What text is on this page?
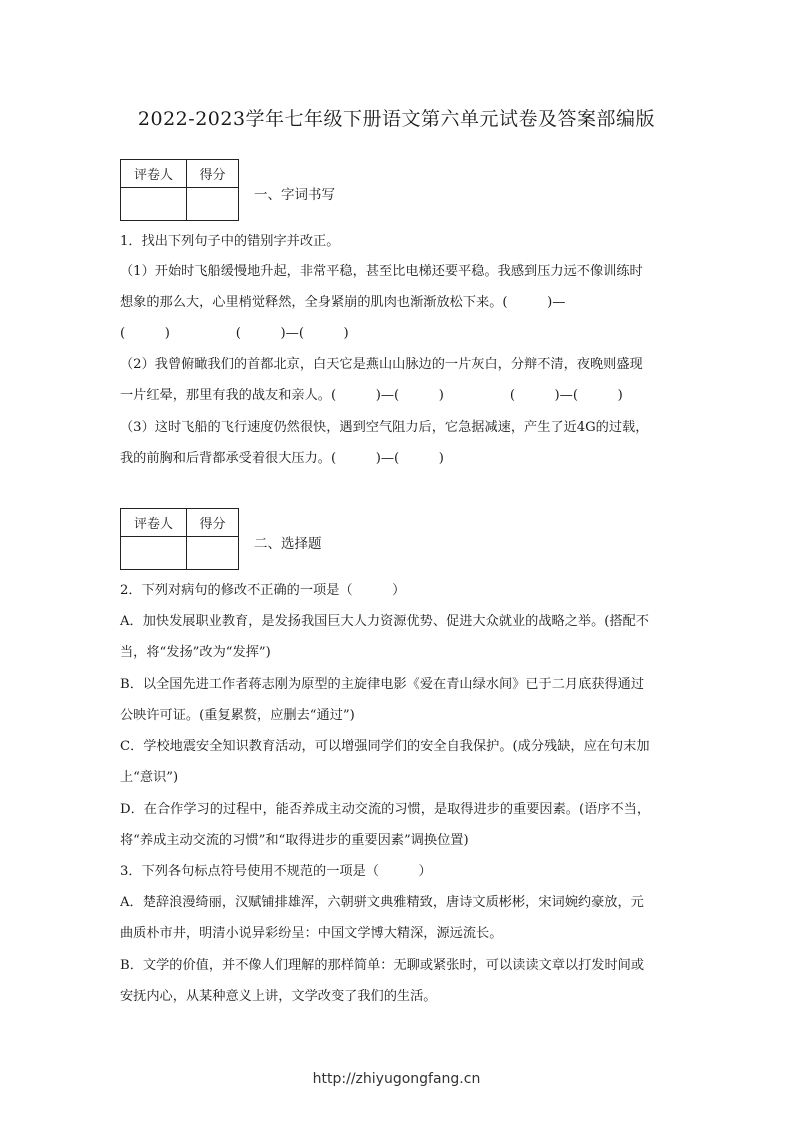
2022-2023学年七年级下册语文第六单元试卷及答案部编版
评卷人	得分

一、字词书写
1．找出下列句子中的错别字并改正。
（1）开始时飞船缓慢地升起，非常平稳，甚至比电梯还要平稳。我感到压力远不像训练时
想象的那么大，心里梢觉释然，全身紧崩的肌肉也渐渐放松下来。(　　　)—
(　　　)　　　　　(　　　)—(　　　)
（2）我曾俯瞰我们的首都北京，白天它是燕山山脉边的一片灰白，分辩不清，夜晚则盛现
一片红晕，那里有我的战友和亲人。(　　　)—(　　　)　　　　　(　　　)—(　　　)
（3）这时飞船的飞行速度仍然很快，遇到空气阻力后，它急据减速，产生了近4G的过载，
我的前胸和后背都承受着很大压力。(　　　)—(　　　)
评卷人	得分

二、选择题
2．下列对病句的修改不正确的一项是（　　　）
A．加快发展职业教育，是发扬我国巨大人力资源优势、促进大众就业的战略之举。(搭配不
当，将“发扬”改为“发挥”)
B．以全国先进工作者蒋志刚为原型的主旋律电影《爱在青山绿水间》已于二月底获得通过
公映许可证。(重复累赘，应删去“通过”)
C．学校地震安全知识教育活动，可以增强同学们的安全自我保护。(成分残缺，应在句末加
上“意识”)
D．在合作学习的过程中，能否养成主动交流的习惯，是取得进步的重要因素。(语序不当，
将“养成主动交流的习惯”和“取得进步的重要因素”调换位置)
3．下列各句标点符号使用不规范的一项是（　　　）
A．楚辞浪漫绮丽，汉赋铺排雄浑，六朝骈文典雅精致，唐诗文质彬彬，宋词婉约豪放，元
曲质朴市井，明清小说异彩纷呈：中国文学博大精深，源远流长。
B．文学的价值，并不像人们理解的那样简单：无聊或紧张时，可以读读文章以打发时间或
安抚内心，从某种意义上讲，文学改变了我们的生活。
http://zhiyugongfang.cn
